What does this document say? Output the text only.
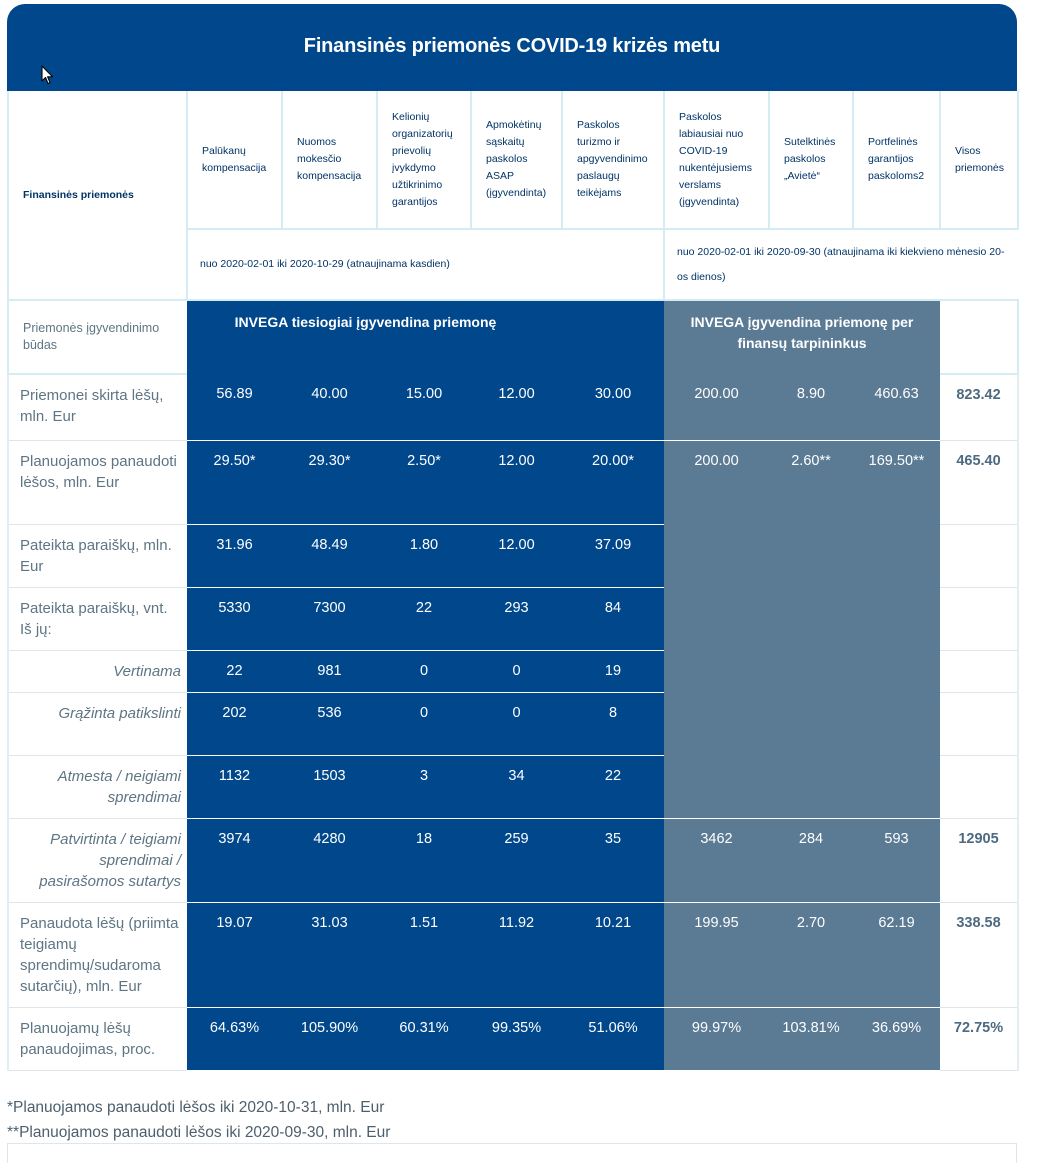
Finansinės priemonės COVID-19 krizės metu
Finansinės priemonės	Palūkanų kompensacija	Nuomos mokesčio kompensacija	Kelionių organizatorių prievolių įvykdymo užtikrinimo garantijos	Apmokėtinų sąskaitų paskolos ASAP (įgyvendinta)	Paskolos turizmo ir apgyvendinimo paslaugų teikėjams	Paskolos labiausiai nuo COVID-19 nukentėjusiems verslams (įgyvendinta)	Sutelktinės paskolos „Avietė“	Portfelinės garantijos paskoloms2	Visos priemonės

nuo 2020-02-01 iki 2020-10-29 (atnaujinama kasdien)					nuo 2020-02-01 iki 2020-09-30 (atnaujinama iki kiekvieno mėnesio 20-os dienos)			

Priemonės įgyvendinimo būdas	INVEGA tiesiogiai įgyvendina priemonę					INVEGA įgyvendina priemonę per finansų tarpininkus			

Priemonei skirta lėšų, mln. Eur	56.89	40.00	15.00	12.00	30.00	200.00	8.90	460.63	823.42

Planuojamos panaudoti lėšos, mln. Eur	29.50*	29.30*	2.50*	12.00	20.00*	200.00	2.60**	169.50**	465.40

Pateikta paraiškų, mln. Eur	31.96	48.49	1.80	12.00	37.09				

Pateikta paraiškų, vnt. Iš jų:	5330	7300	22	293	84				

Vertinama	22	981	0	0	19				

Grąžinta patikslinti	202	536	0	0	8				

Atmesta / neigiami sprendimai	1132	1503	3	34	22				

Patvirtinta / teigiami sprendimai / pasirašomos sutartys	3974	4280	18	259	35	3462	284	593	12905

Panaudota lėšų (priimta teigiamų sprendimų/sudaroma sutarčių), mln. Eur	19.07	31.03	1.51	11.92	10.21	199.95	2.70	62.19	338.58

Planuojamų lėšų panaudojimas, proc.	64.63%	105.90%	60.31%	99.35%	51.06%	99.97%	103.81%	36.69%	72.75%
*Planuojamos panaudoti lėšos iki 2020-10-31, mln. Eur
**Planuojamos panaudoti lėšos iki 2020-09-30, mln. Eur
